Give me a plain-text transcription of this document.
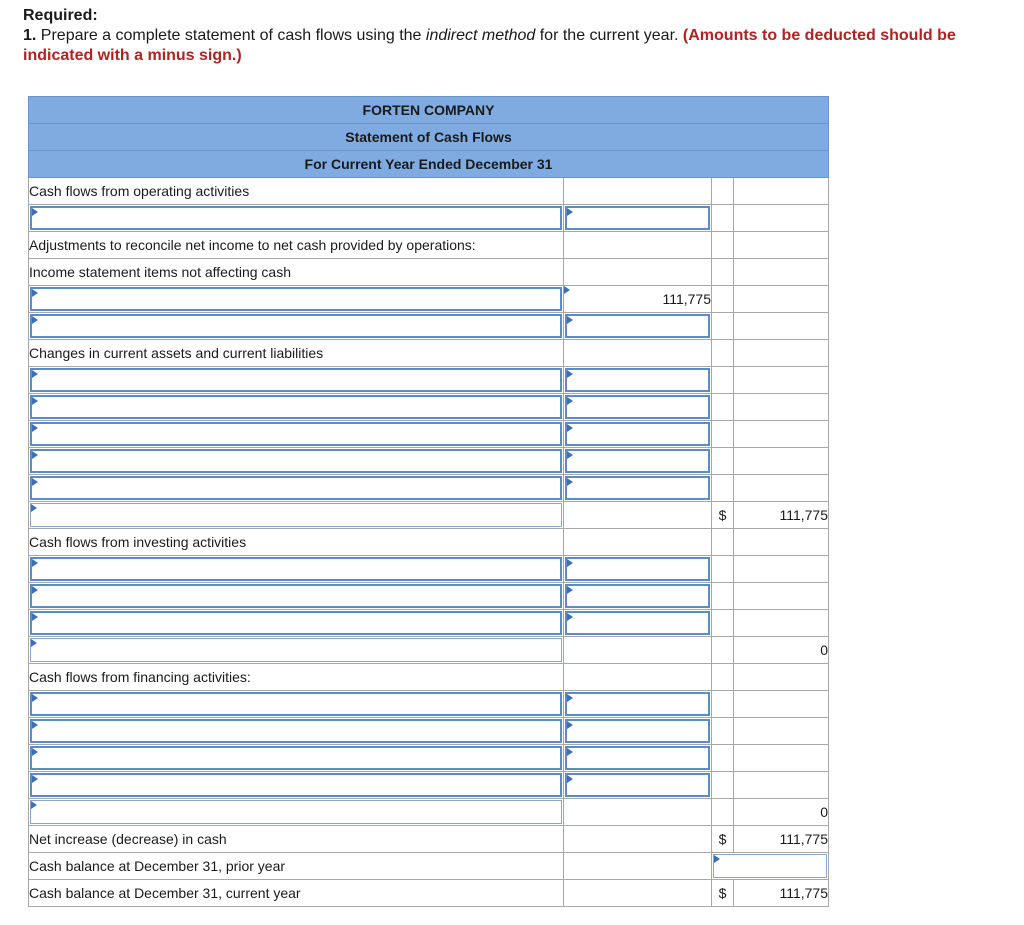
Required:
1. Prepare a complete statement of cash flows using the indirect method for the current year. (Amounts to be deducted should be indicated with a minus sign.)
FORTEN COMPANY			
Statement of Cash Flows			
For Current Year Ended December 31			
Cash flows from operating activities			

Adjustments to reconcile net income to net cash provided by operations:			
Income statement items not affecting cash			

	111,775

Changes in current assets and current liabilities			

		$	111,775
Cash flows from investing activities			

			0
Cash flows from financing activities:			

			0
Net increase (decrease) in cash		$	111,775
Cash balance at December 31, prior year			

Cash balance at December 31, current year		$	111,775
